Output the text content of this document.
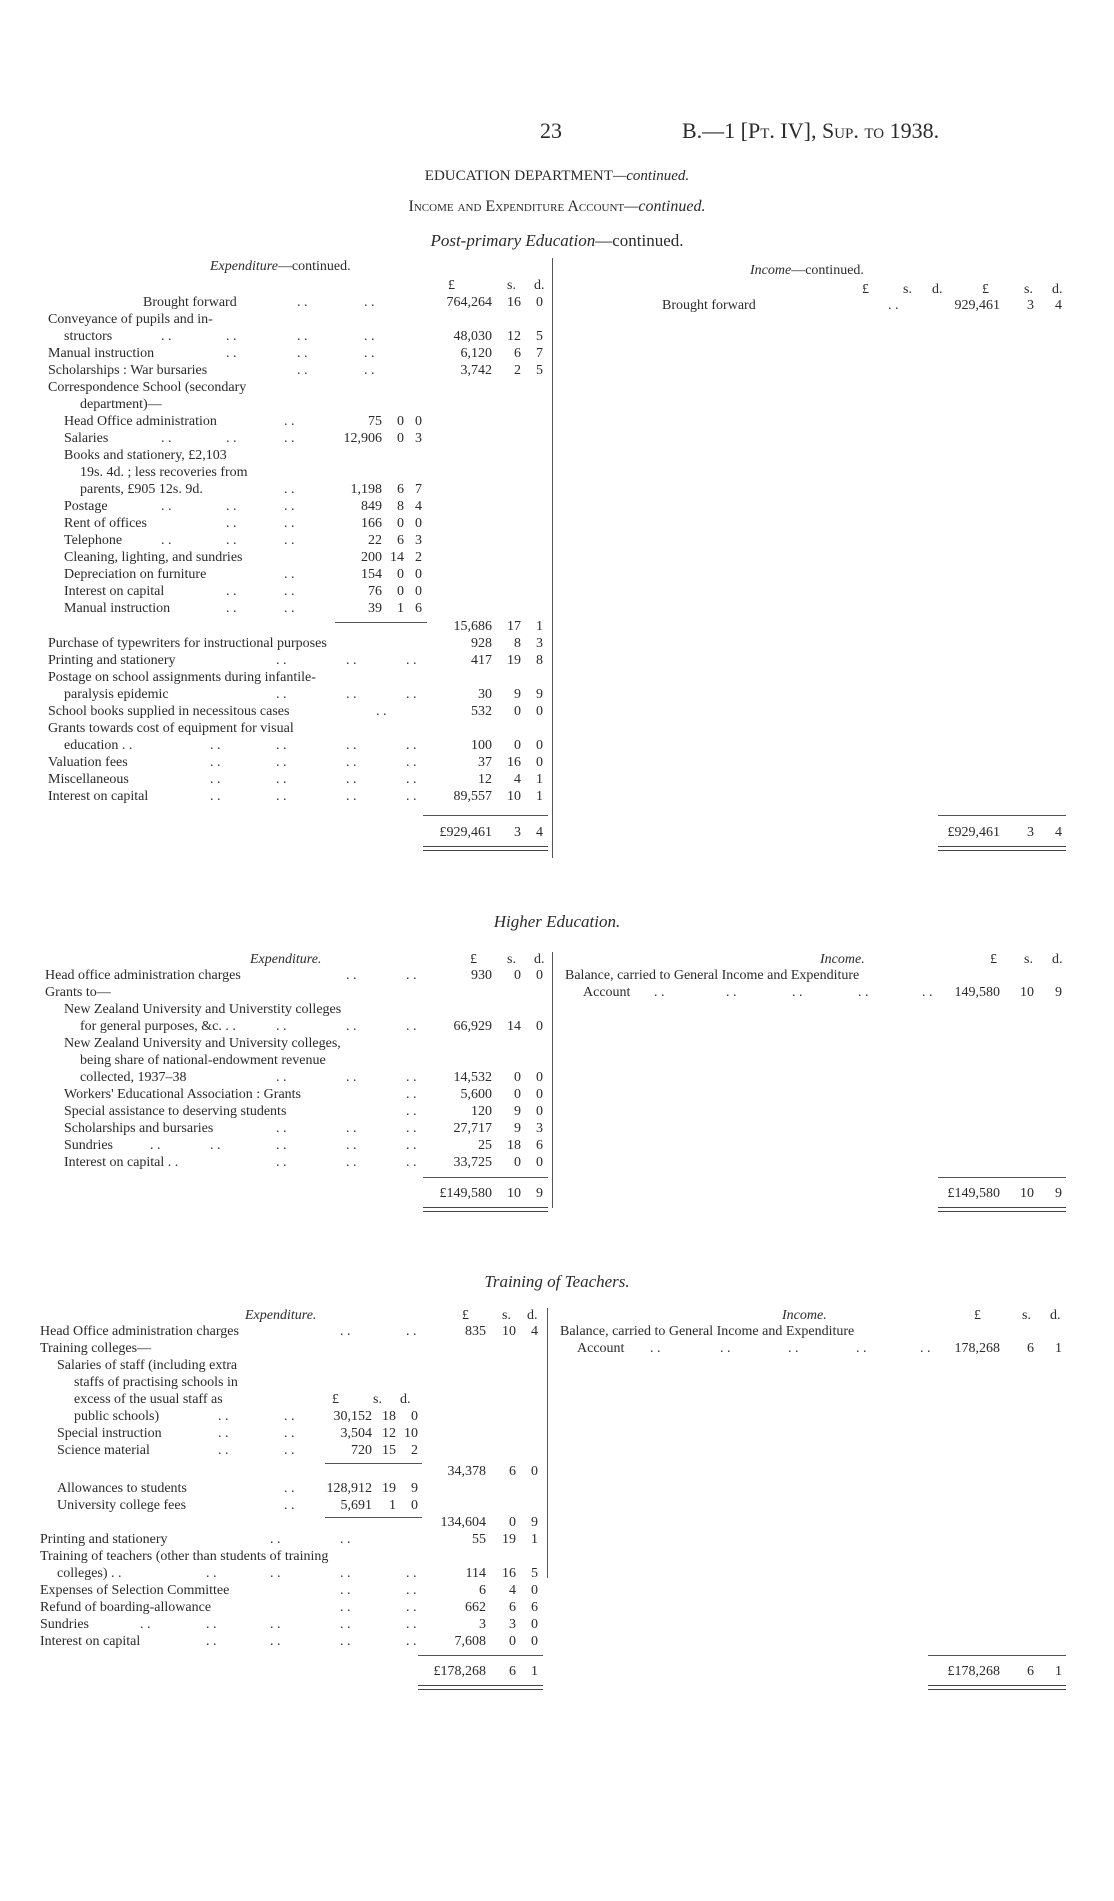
23	B.—1 [Pt. IV], Sup. to 1938.
EDUCATION DEPARTMENT—continued.
Income and Expenditure Account—continued.
Post-primary Education—continued.
Expenditure—continued.	Income—continued.
£	s. d.	£ s. d.	£	s. d.
Brought forward	. .	. .	764,264	16	0
Conveyance of pupils and in-
structors	. .	. .	. .	. .	48,030	12	5
Manual instruction	. .	. .	. .	6,120	6	7
Scholarships : War bursaries	. .	. .	3,742	2	5
Correspondence School (secondary
department)—
Head Office administration	. .	75	0 0
Salaries	. .	. .	. .	12,906	0 3
Books and stationery, £2,103
19s. 4d. ; less recoveries from
parents, £905 12s. 9d.	. .	1,198	6 7
Postage	. .	. .	. .	849	8 4
Rent of offices	. .	. .	166	0 0
Telephone	. .	. .	. .	22	6 3
Cleaning, lighting, and sundries	200 14 2
Depreciation on furniture	. .	154	0 0
Interest on capital	. .	. .	76	0 0
Manual instruction	. .	. .	39	1 6
15,686	17	1
Purchase of typewriters for instructional purposes	928	8	3
Printing and stationery	. .	. .	. .	417	19	8
Postage on school assignments during infantile-
paralysis epidemic	. .	. .	. .	30	9	9
School books supplied in necessitous cases	. .	532	0	0
Grants towards cost of equipment for visual
education . .	. .	. .	. .	. .	100	0	0
Valuation fees	. .	. .	. .	. .	37	16	0
Miscellaneous	. .	. .	. .	. .	12	4	1
Interest on capital	. .	. .	. .	. .	89,557	10	1
£929,461	3	4
Brought forward	. .	929,461	3	4
£929,461	3	4
Higher Education.
Expenditure.	£ s. d.	Income.	£ s. d.
Head office administration charges	. .	. .	930	0	0
Grants to—
New Zealand University and Universtity colleges
for general purposes, &c. . .	. .	. .	. .	66,929	14	0
New Zealand University and University colleges,
being share of national-endowment revenue
collected, 1937–38	. .	. .	. .	14,532	0	0
Workers' Educational Association : Grants	. .	5,600	0	0
Special assistance to deserving students	. .	120	9	0
Scholarships and bursaries	. .	. .	. .	27,717	9	3
Sundries	. .	. .	. .	. .	. .	25	18	6
Interest on capital . .	. .	. .	. .	33,725	0	0
£149,580	10	9
Balance, carried to General Income and Expenditure
Account . .	. .	. .	. .	. .	149,580	10	9
£149,580	10	9
Training of Teachers.
Expenditure.	£ s. d.	Income.	£	s. d.
Head Office administration charges	. .	. .	835	10	4
Training colleges—
Salaries of staff (including extra
staffs of practising schools in
excess of the usual staff as	£ s. d.
public schools)	. .	. .	30,152 18	0
Special instruction	. .	. .	3,504 12 10
Science material	. .	. .	720 15	2
34,378	6	0
Allowances to students	. .	128,912 19	9
University college fees	. .	5,691	1	0
134,604	0	9
Printing and stationery	. .	. .	55	19	1
Training of teachers (other than students of training
colleges) . .	. .	. .	. .	. .	114	16	5
Expenses of Selection Committee	. .	. .	6	4	0
Refund of boarding-allowance	. .	. .	662	6	6
Sundries	. .	. .	. .	. .	. .	3	3	0
Interest on capital	. .	. .	. .	. .	7,608	0	0
£178,268	6	1
Balance, carried to General Income and Expenditure
Account . .	. .	. .	. .	. .	178,268	6	1
£178,268	6	1
